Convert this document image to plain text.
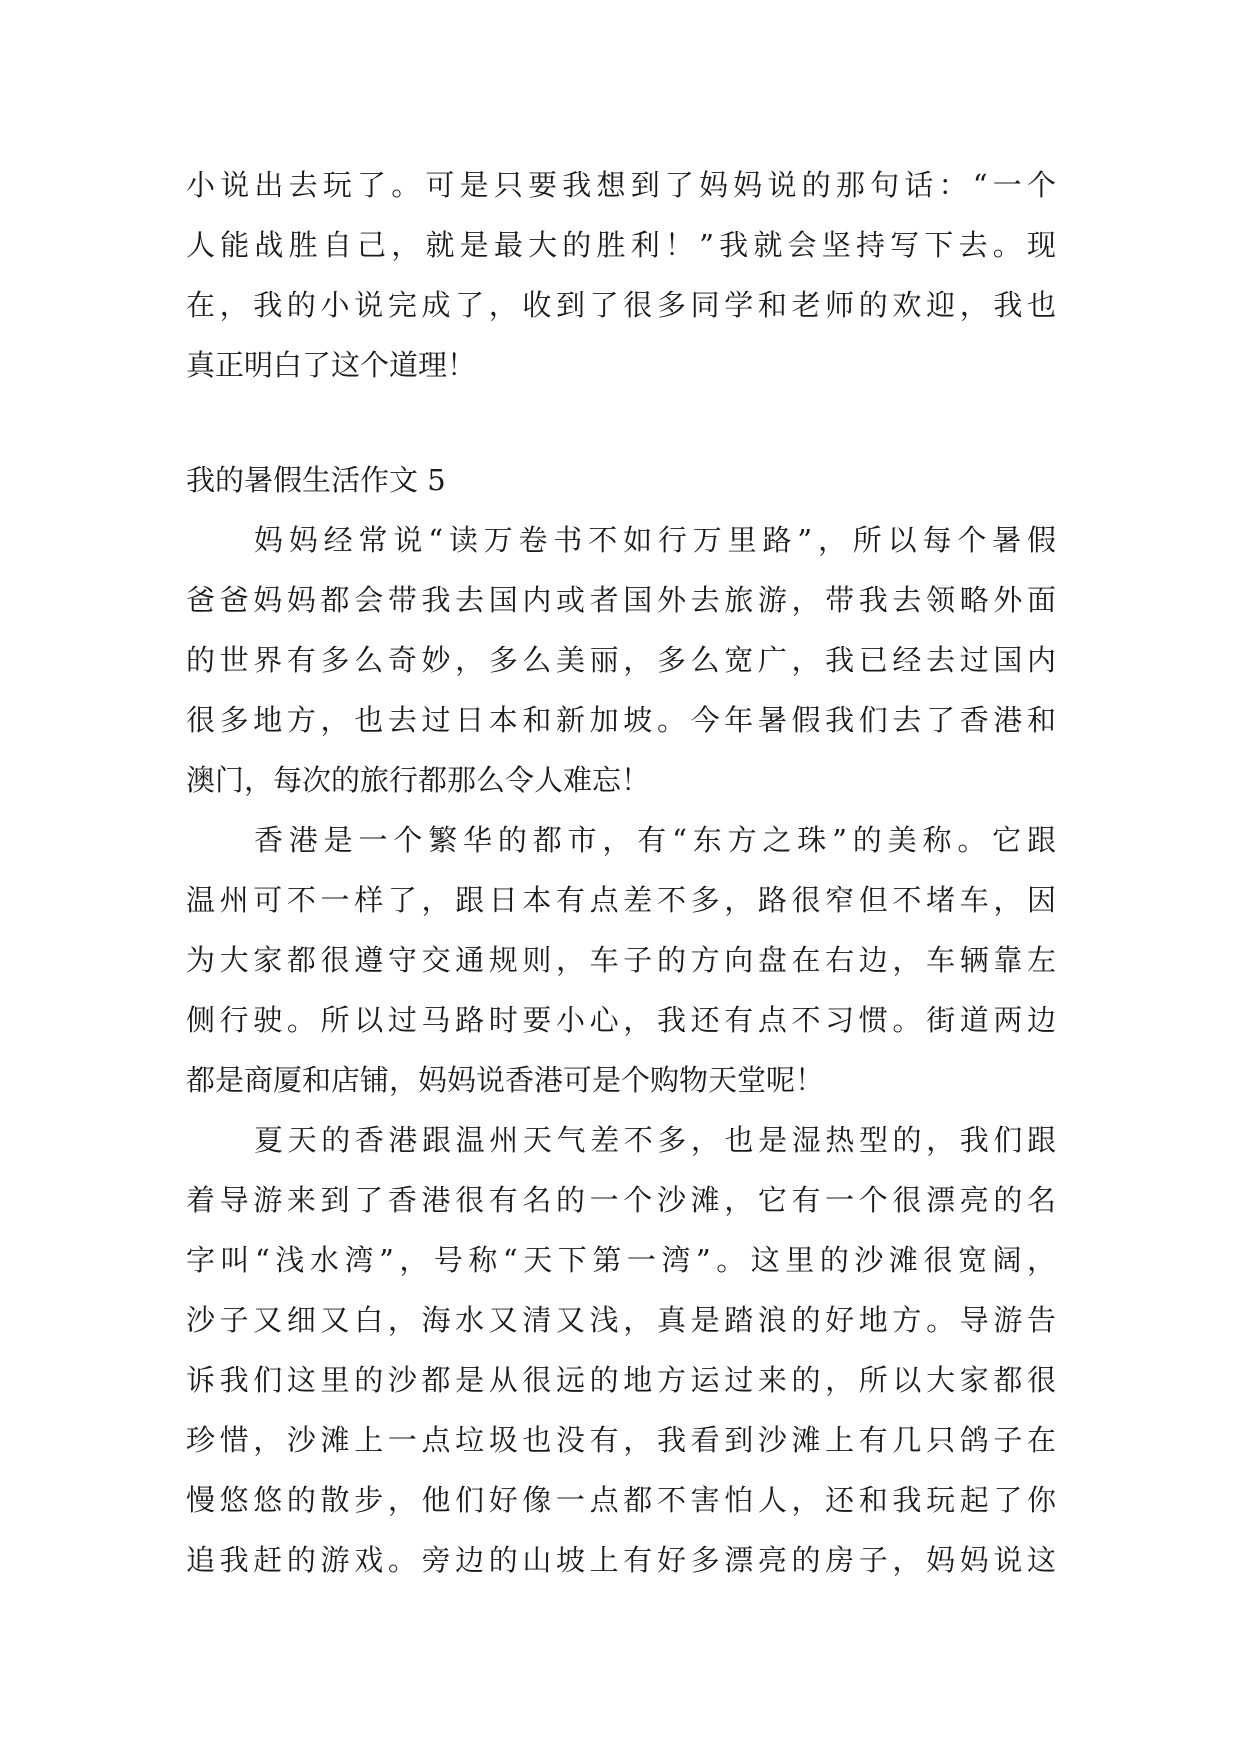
小说出去玩了。可是只要我想到了妈妈说的那句话：“一个
人能战胜自己，就是最大的胜利！”我就会坚持写下去。现
在，我的小说完成了，收到了很多同学和老师的欢迎，我也
真正明白了这个道理！
我的暑假生活作文 5
妈妈经常说“读万卷书不如行万里路”，所以每个暑假
爸爸妈妈都会带我去国内或者国外去旅游，带我去领略外面
的世界有多么奇妙，多么美丽，多么宽广，我已经去过国内
很多地方，也去过日本和新加坡。今年暑假我们去了香港和
澳门，每次的旅行都那么令人难忘！
香港是一个繁华的都市，有“东方之珠”的美称。它跟
温州可不一样了，跟日本有点差不多，路很窄但不堵车，因
为大家都很遵守交通规则，车子的方向盘在右边，车辆靠左
侧行驶。所以过马路时要小心，我还有点不习惯。街道两边
都是商厦和店铺，妈妈说香港可是个购物天堂呢！
夏天的香港跟温州天气差不多，也是湿热型的，我们跟
着导游来到了香港很有名的一个沙滩，它有一个很漂亮的名
字叫“浅水湾”，号称“天下第一湾”。这里的沙滩很宽阔，
沙子又细又白，海水又清又浅，真是踏浪的好地方。导游告
诉我们这里的沙都是从很远的地方运过来的，所以大家都很
珍惜，沙滩上一点垃圾也没有，我看到沙滩上有几只鸽子在
慢悠悠的散步，他们好像一点都不害怕人，还和我玩起了你
追我赶的游戏。旁边的山坡上有好多漂亮的房子，妈妈说这
